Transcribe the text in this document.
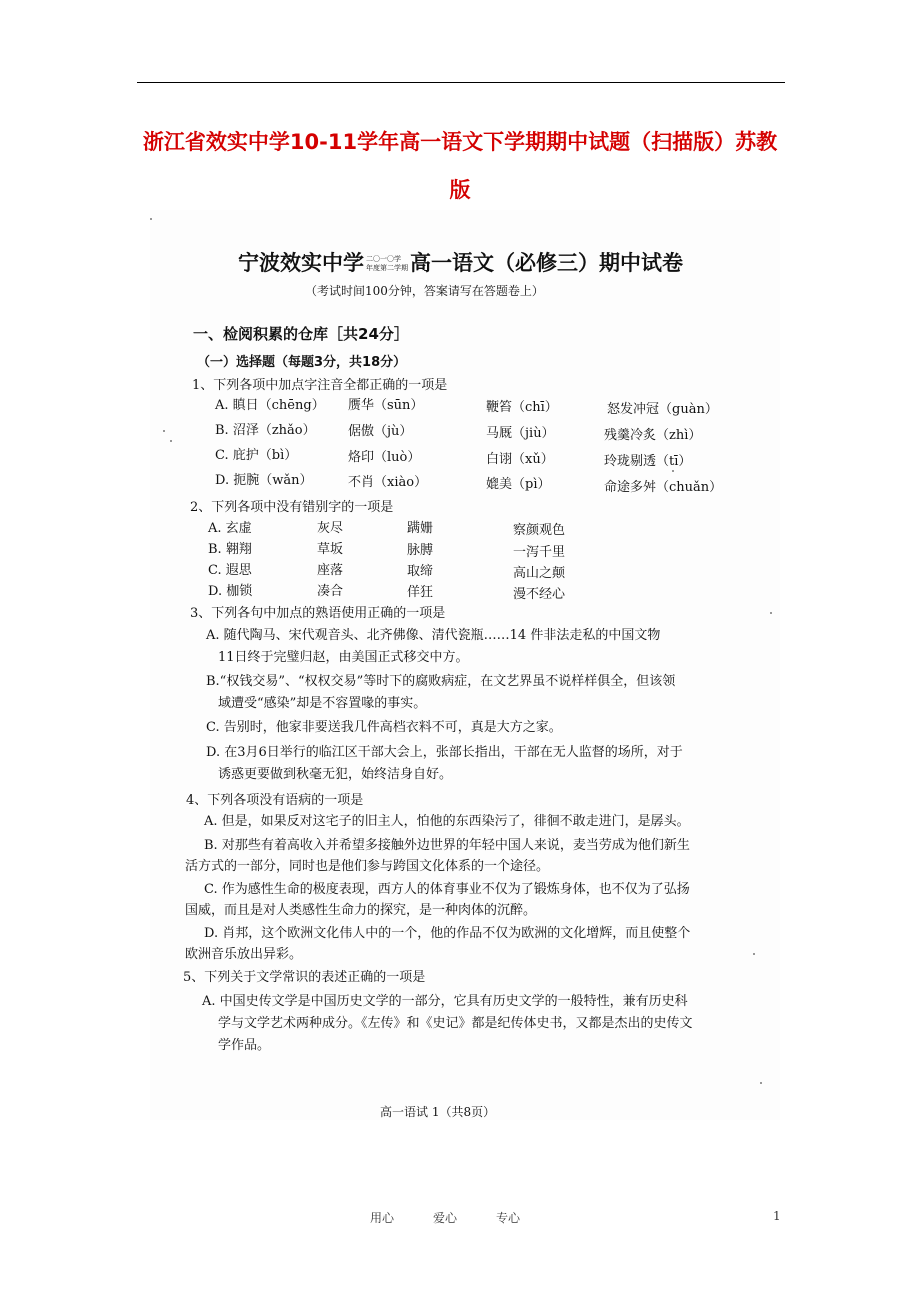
浙江省效实中学10-11学年高一语文下学期期中试题（扫描版）苏教
版
宁波效实中学 二〇一〇学
年度第二学期高一语文（必修三）期中试卷
（考试时间100分钟，答案请写在答题卷上）
一、检阅积累的仓库［共24分］
（一）选择题（每题3分，共18分）
1、下列各项中加点字注音全都正确的一项是
A. 瞋日（chēng） 赝华（sūn）	鞭笞（chī）	怒发冲冠（guàn）
B. 沼泽（zhǎo） 倨傲（jù）	马厩（jiù）	残羹冷炙（zhì）
C. 庇护（bì）	烙印（luò）	白诩（xǔ）	玲珑剔透（tī）
D. 扼腕（wǎn）	不肖（xiào）	媲美（pì）	命途多舛（chuǎn）
2、下列各项中没有错别字的一项是
A. 玄虚	灰尽	蹒姗	察颜观色
B. 翱翔	草坂	脉膊	一泻千里
C. 遐思	座落	取缔	高山之颠
D. 枷锁	凑合	佯狂	漫不经心
3、下列各句中加点的熟语使用正确的一项是
A. 随代陶马、宋代观音头、北齐佛像、清代瓷瓶……14 件非法走私的中国文物
11日终于完璧归赵，由美国正式移交中方。
B.“权钱交易”、“权权交易”等时下的腐败病症，在文艺界虽不说样样俱全，但该领
域遭受“感染”却是不容置喙的事实。
C. 告别时，他家非要送我几件高档衣料不可，真是大方之家。
D. 在3月6日举行的临江区干部大会上，张部长指出，干部在无人监督的场所，对于
诱惑更要做到秋毫无犯，始终洁身自好。
4、下列各项没有语病的一项是
A. 但是，如果反对这宅子的旧主人，怕他的东西染污了，徘徊不敢走进门，是孱头。
B. 对那些有着高收入并希望多接触外边世界的年轻中国人来说，麦当劳成为他们新生
活方式的一部分，同时也是他们参与跨国文化体系的一个途径。
C. 作为感性生命的极度表现，西方人的体育事业不仅为了锻炼身体，也不仅为了弘扬
国威，而且是对人类感性生命力的探究，是一种肉体的沉醉。
D. 肖邦，这个欧洲文化伟人中的一个，他的作品不仅为欧洲的文化增辉，而且使整个
欧洲音乐放出异彩。
5、下列关于文学常识的表述正确的一项是
A. 中国史传文学是中国历史文学的一部分，它具有历史文学的一般特性，兼有历史科
学与文学艺术两种成分。《左传》和《史记》都是纪传体史书，又都是杰出的史传文
学作品。
高一语试 1（共8页）
用心	爱心	专心	1
